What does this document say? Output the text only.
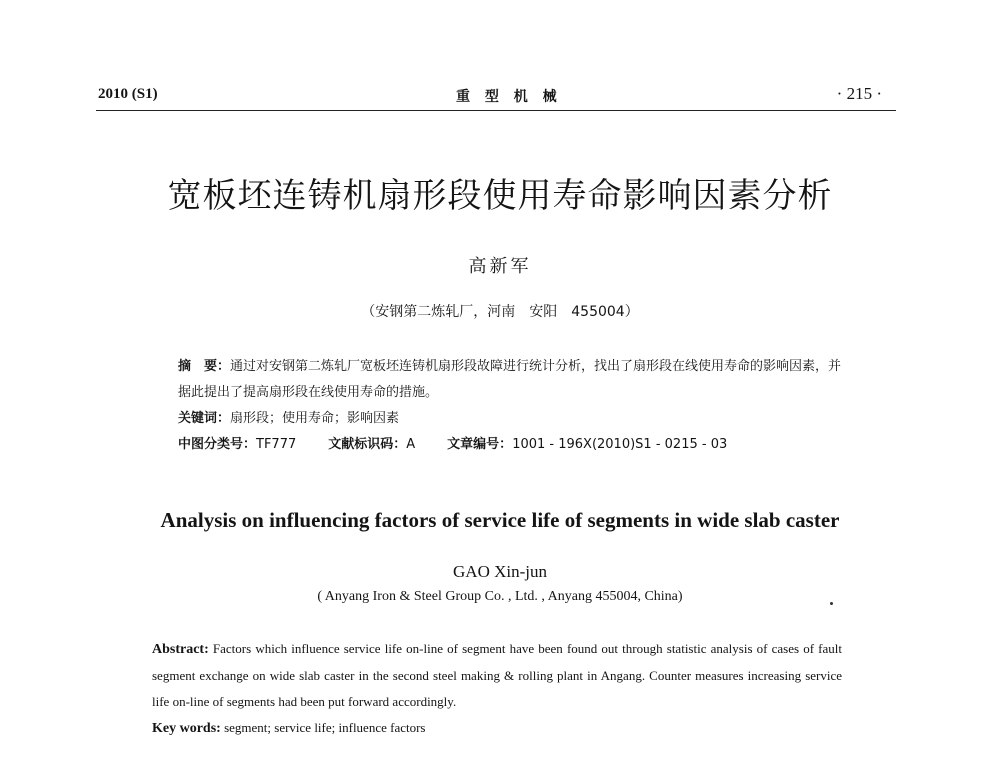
2010 (S1)	重 型 机 械	· 215 ·
宽板坯连铸机扇形段使用寿命影响因素分析
高新军
（安钢第二炼轧厂，河南　安阳　455004）

摘　要：通过对安钢第二炼轧厂宽板坯连铸机扇形段故障进行统计分析，找出了扇形段在线使用寿命的影响因素，并据此提出了提高扇形段在线使用寿命的措施。

关键词：扇形段；使用寿命；影响因素

中图分类号：TF777 文献标识码：A 文章编号：1001 - 196X(2010)S1 - 0215 - 03

Analysis on influencing factors of service life of segments in wide slab caster
GAO Xin-jun
( Anyang Iron & Steel Group Co. , Ltd. , Anyang 455004, China)

Abstract: Factors which influence service life on-line of segment have been found out through statistic analysis of cases of fault segment exchange on wide slab caster in the second steel making & rolling plant in Angang. Counter measures increasing service life on-line of segments had been put forward accordingly.

Key words: segment; service life; influence factors
